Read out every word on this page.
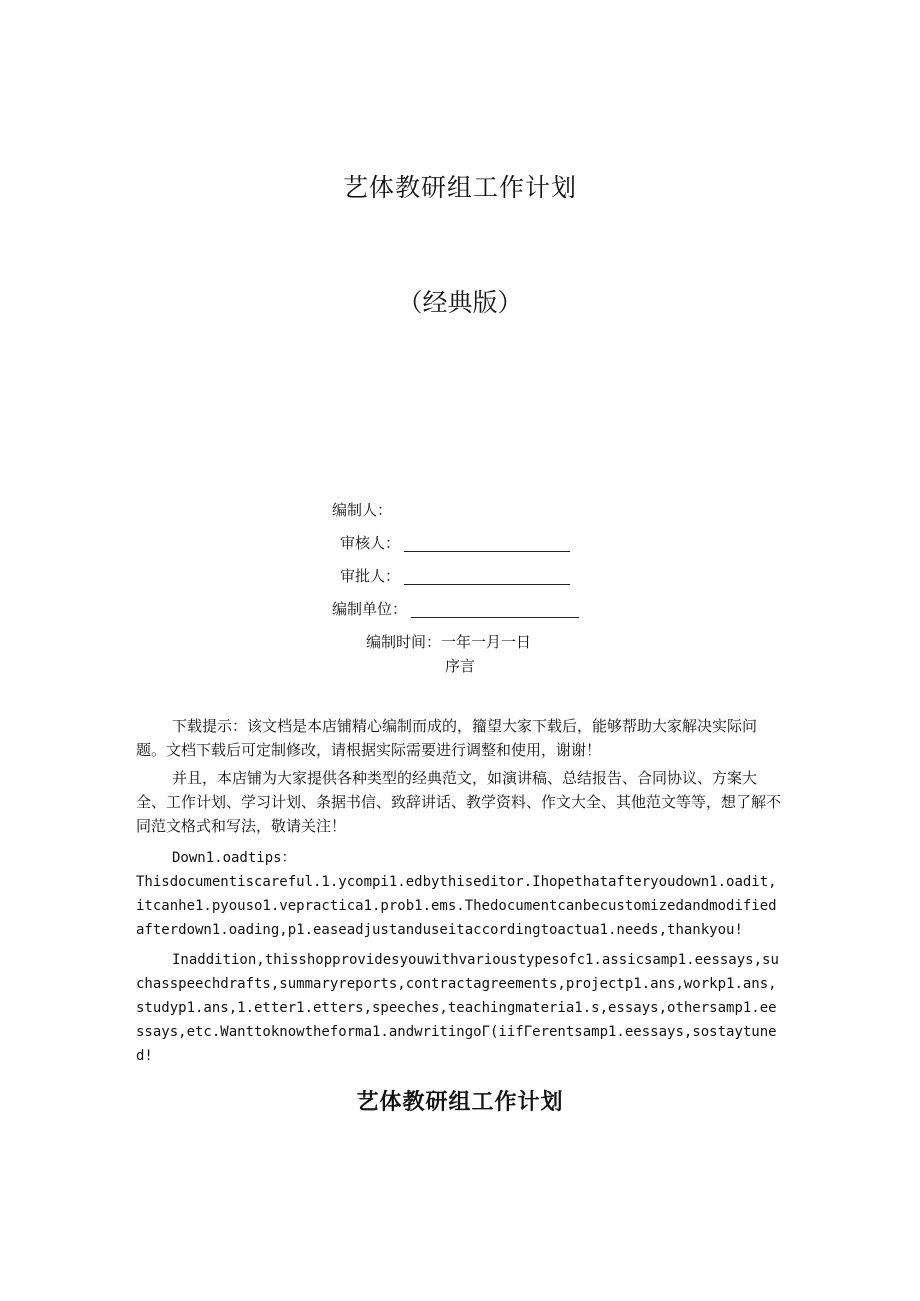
艺体教研组工作计划
（经典版）
编制人：
审核人：
审批人：
编制单位：
编制时间：一年一月一日
序言

下载提示：该文档是本店铺精心编制而成的，籀望大家下载后，能够帮助大家解决实际问题。文档下载后可定制修改，请根据实际需要进行调整和使用，谢谢！

并且，本店铺为大家提供各种类型的经典范文，如演讲稿、总结报告、合同协议、方案大全、工作计划、学习计划、条据书信、致辞讲话、教学资料、作文大全、其他范文等等，想了解不同范文格式和写法，敬请关注！

Down1.oadtips：
Thisdocumentiscareful.1.ycompi1.edbythiseditor.Ihopethatafteryoudown1.oadit,itcanhe1.pyouso1.vepractica1.prob1.ems.Thedocumentcanbecustomizedandmodifiedafterdown1.oading,p1.easeadjustanduseitaccordingtoactua1.needs,thankyou!

Inaddition,thisshopprovidesyouwithvarioustypesofc1.assicsamp1.eessays,suchasspeechdrafts,summaryreports,contractagreements,projectp1.ans,workp1.ans,studyp1.ans,1.etter1.etters,speeches,teachingmateria1.s,essays,othersamp1.eessays,etc.Wanttoknowtheforma1.andwritingoΓ(iifΓerentsamp1.eessays,sostaytuned!

艺体教研组工作计划
